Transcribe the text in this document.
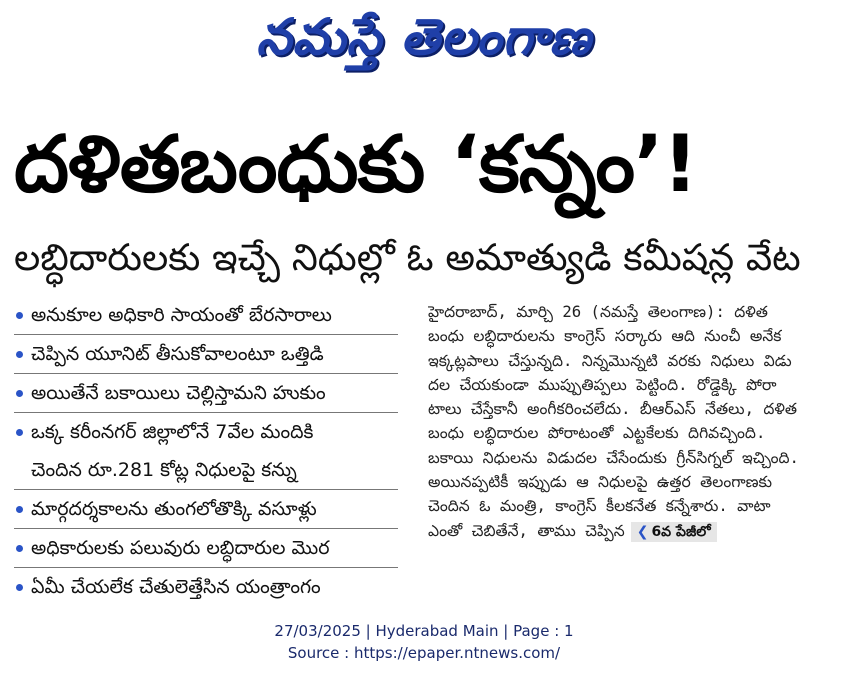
నమస్తే తెలంగాణ
దళితబంధుకు ‘కన్నం’!
లబ్ధిదారులకు ఇచ్చే నిధుల్లో ఓ అమాత్యుడి కమీషన్ల వేట
అనుకూల అధికారి సాయంతో బేరసారాలు
చెప్పిన యూనిట్ తీసుకోవాలంటూ ఒత్తిడి
అయితేనే బకాయిలు చెల్లిస్తామని హుకుం
ఒక్క కరీంనగర్ జిల్లాలోనే 7వేల మందికి
చెందిన రూ.281 కోట్ల నిధులపై కన్ను
మార్గదర్శకాలను తుంగలోతొక్కి వసూళ్లు
అధికారులకు పలువురు లబ్ధిదారుల మొర
ఏమీ చేయలేక చేతులెత్తేసిన యంత్రాంగం
హైదరాబాద్, మార్చి 26 (నమస్తే తెలంగాణ): దళిత
బంధు లబ్ధిదారులను కాంగ్రెస్ సర్కారు ఆది నుంచీ అనేక
ఇక్కట్లపాలు చేస్తున్నది. నిన్నమొన్నటి వరకు నిధులు విడు
దల చేయకుండా ముప్పుతిప్పలు పెట్టింది. రోడ్డెక్కి పోరా
టాలు చేస్తేకానీ అంగీకరించలేదు. బీఆర్ఎస్ నేతలు, దళిత
బంధు లబ్ధిదారుల పోరాటంతో ఎట్టకేలకు దిగివచ్చింది.
బకాయి నిధులను విడుదల చేసేందుకు గ్రీన్‌సిగ్నల్ ఇచ్చింది.
అయినప్పటికీ ఇప్పుడు ఆ నిధులపై ఉత్తర తెలంగాణకు
చెందిన ఓ మంత్రి, కాంగ్రెస్ కీలకనేత కన్నేశారు. వాటా
ఎంతో చెబితేనే, తాము చెప్పిన ❮ 6వ పేజీలో
27/03/2025 | Hyderabad Main | Page : 1
Source : https://epaper.ntnews.com/
